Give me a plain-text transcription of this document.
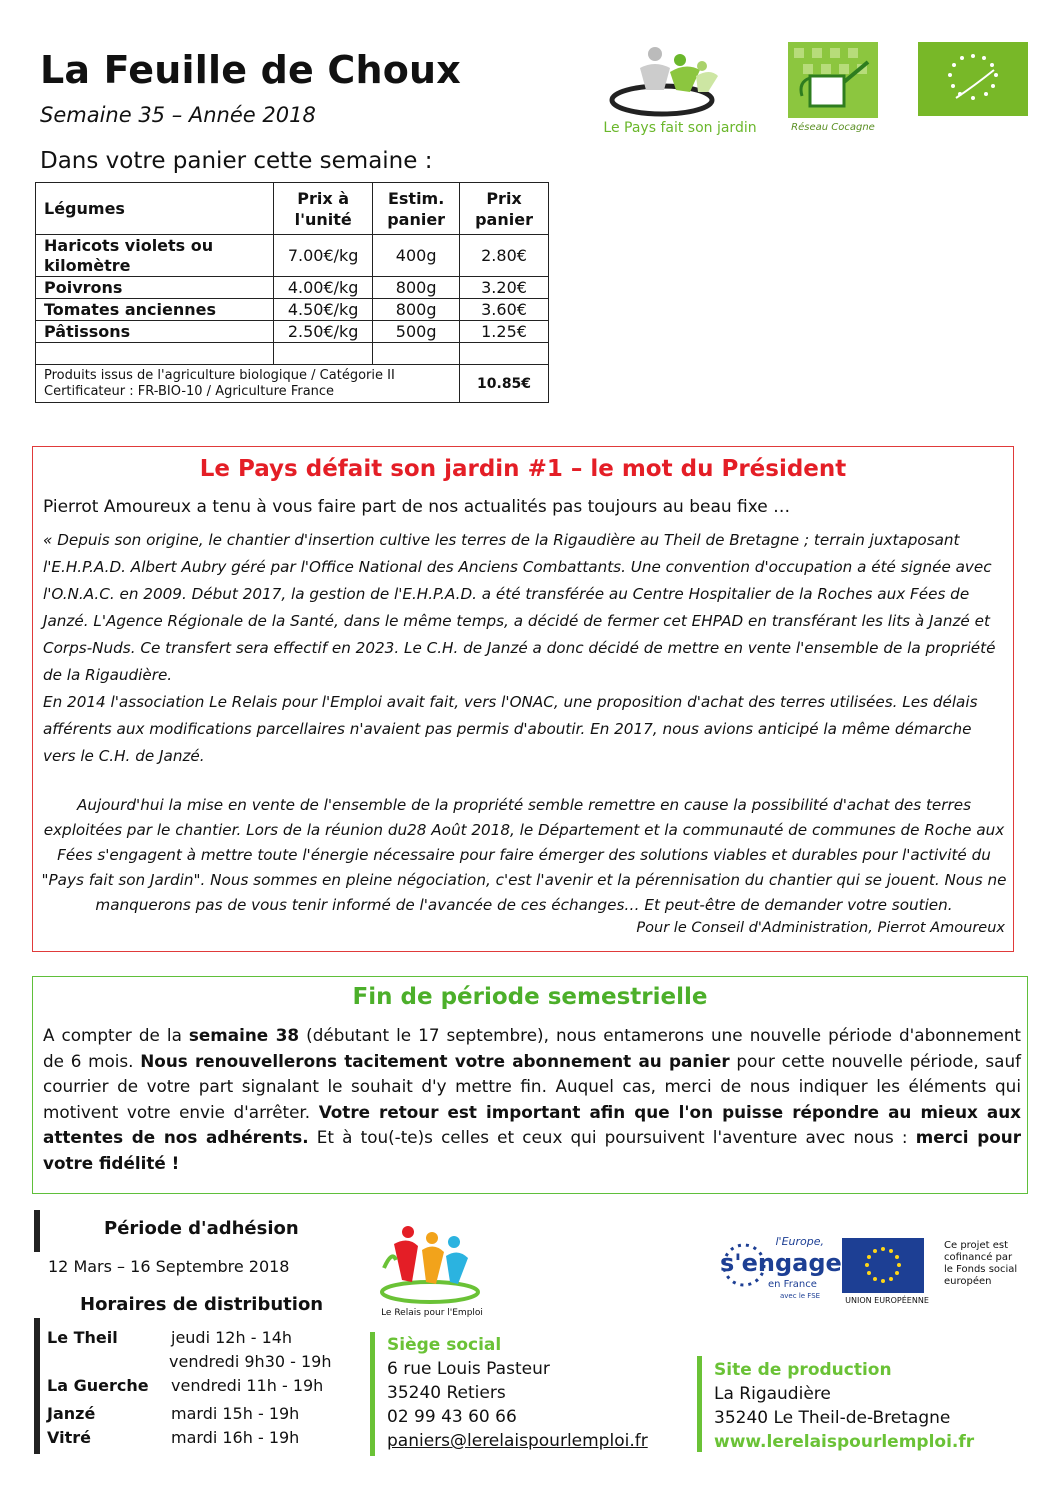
La Feuille de Choux
Semaine 35 – Année 2018
Dans votre panier cette semaine :
Le Pays fait son jardin	Réseau Cocagne
Légumes	Prix à l'unité	Estim. panier	Prix panier
Haricots violets ou kilomètre	7.00€/kg	400g	2.80€
Poivrons	4.00€/kg	800g	3.20€
Tomates anciennes	4.50€/kg	800g	3.60€
Pâtissons	2.50€/kg	500g	1.25€

Produits issus de l'agriculture biologique / Catégorie II
Certificateur : FR-BIO-10 / Agriculture France			10.85€
Le Pays défait son jardin #1 – le mot du Président
Pierrot Amoureux a tenu à vous faire part de nos actualités pas toujours au beau fixe …
« Depuis son origine, le chantier d'insertion cultive les terres de la Rigaudière au Theil de Bretagne ; terrain juxtaposant l'E.H.P.A.D. Albert Aubry géré par l'Office National des Anciens Combattants. Une convention d'occupation a été signée avec l'O.N.A.C. en 2009. Début 2017, la gestion de l'E.H.P.A.D. a été transférée au Centre Hospitalier de la Roches aux Fées de Janzé. L'Agence Régionale de la Santé, dans le même temps, a décidé de fermer cet EHPAD en transférant les lits à Janzé et Corps-Nuds. Ce transfert sera effectif en 2023. Le C.H. de Janzé a donc décidé de mettre en vente l'ensemble de la propriété de la Rigaudière.
En 2014 l'association Le Relais pour l'Emploi avait fait, vers l'ONAC, une proposition d'achat des terres utilisées. Les délais afférents aux modifications parcellaires n'avaient pas permis d'aboutir. En 2017, nous avions anticipé la même démarche vers le C.H. de Janzé.
Aujourd'hui la mise en vente de l'ensemble de la propriété semble remettre en cause la possibilité d'achat des terres exploitées par le chantier. Lors de la réunion du28 Août 2018, le Département et la communauté de communes de Roche aux Fées s'engagent à mettre toute l'énergie nécessaire pour faire émerger des solutions viables et durables pour l'activité du "Pays fait son Jardin". Nous sommes en pleine négociation, c'est l'avenir et la pérennisation du chantier qui se jouent. Nous ne manquerons pas de vous tenir informé de l'avancée de ces échanges… Et peut-être de demander votre soutien.
Pour le Conseil d'Administration, Pierrot Amoureux
Fin de période semestrielle
A compter de la semaine 38 (débutant le 17 septembre), nous entamerons une nouvelle période d'abonnement de 6 mois. Nous renouvellerons tacitement votre abonnement au panier pour cette nouvelle période, sauf courrier de votre part signalant le souhait d'y mettre fin. Auquel cas, merci de nous indiquer les éléments qui motivent votre envie d'arrêter. Votre retour est important afin que l'on puisse répondre au mieux aux attentes de nos adhérents. Et à tou(-te)s celles et ceux qui poursuivent l'aventure avec nous : merci pour votre fidélité !
Période d'adhésion
12 Mars – 16 Septembre 2018
Horaires de distribution
Le Theil	jeudi 12h - 14h
vendredi 9h30 - 19h
La Guerche	vendredi 11h - 19h
Janzé	mardi 15h - 19h
Vitré	mardi 16h - 19h
Le Relais pour l'Emploi
Siège social
6 rue Louis Pasteur
35240 Retiers
02 99 43 60 66
paniers@lerelaispourlemploi.fr
l'Europe,
s'engage
en France
avec le FSE	UNION EUROPÉENNE
Ce projet est cofinancé par le Fonds social européen
Site de production
La Rigaudière
35240 Le Theil-de-Bretagne
www.lerelaispourlemploi.fr
